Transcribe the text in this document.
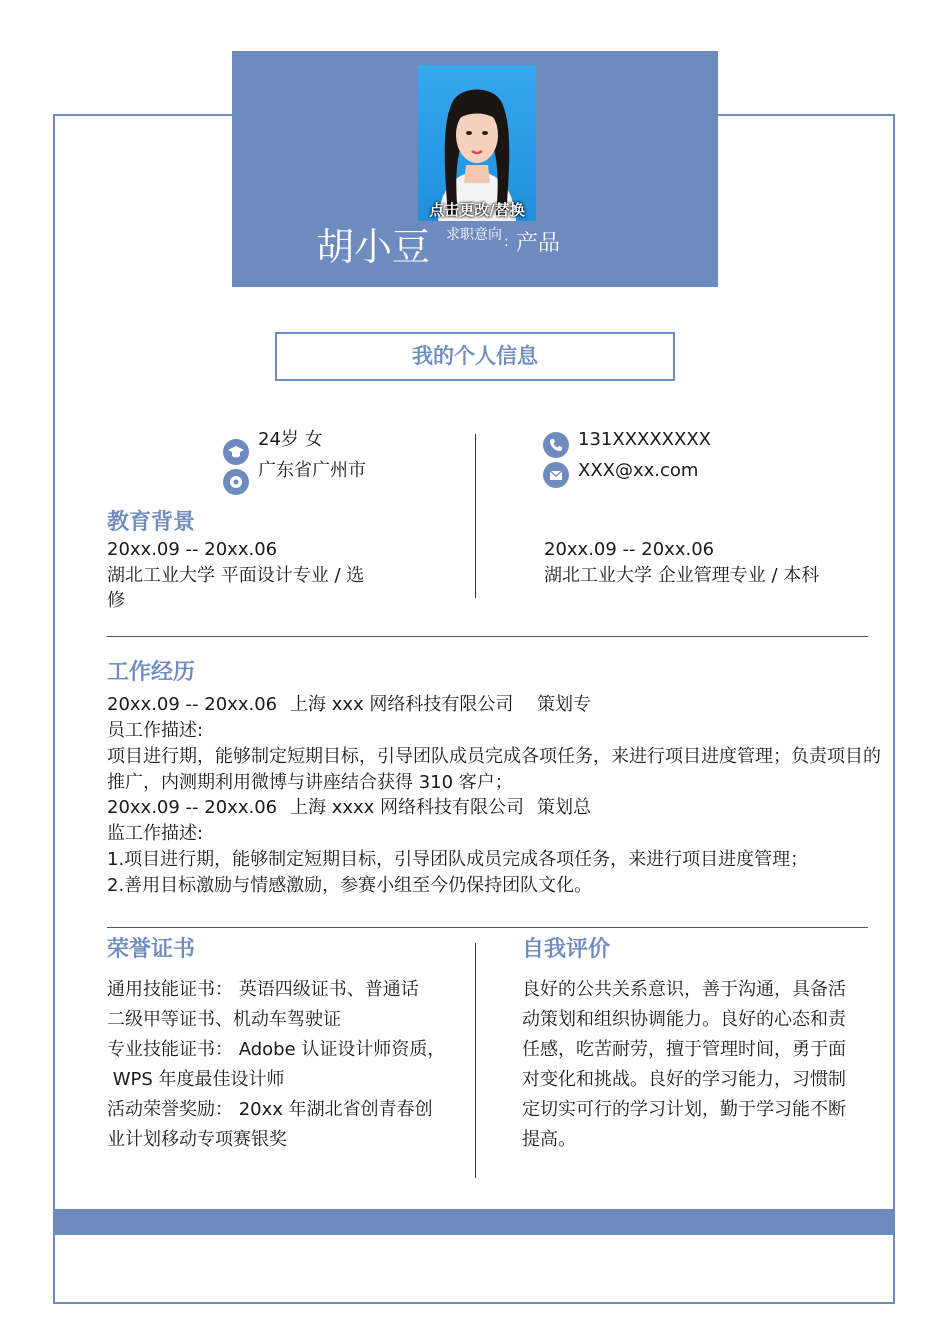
点击更改/替换
胡小豆 求职意向 : 产品
我的个人信息
24岁 女
广东省广州市
131XXXXXXXX
XXX@xx.com
教育背景
20xx.09 -- 20xx.06
湖北工业大学 平面设计专业 / 选
修
20xx.09 -- 20xx.06
湖北工业大学 企业管理专业 / 本科
工作经历
20xx.09 -- 20xx.06 上海 xxx 网络科技有限公司 策划专
员工作描述:
项目进行期，能够制定短期目标，引导团队成员完成各项任务，来进行项目进度管理；负责项目的
推广，内测期利用微博与讲座结合获得 310 客户；
20xx.09 -- 20xx.06 上海 xxxx 网络科技有限公司 策划总
监工作描述:
1.项目进行期，能够制定短期目标，引导团队成员完成各项任务，来进行项目进度管理；
2.善用目标激励与情感激励，参赛小组至今仍保持团队文化。
荣誉证书
通用技能证书： 英语四级证书、普通话
二级甲等证书、机动车驾驶证
专业技能证书： Adobe 认证设计师资质，
WPS 年度最佳设计师
活动荣誉奖励： 20xx 年湖北省创青春创
业计划移动专项赛银奖
自我评价
良好的公共关系意识，善于沟通，具备活
动策划和组织协调能力。良好的心态和责
任感，吃苦耐劳，擅于管理时间，勇于面
对变化和挑战。良好的学习能力，习惯制
定切实可行的学习计划，勤于学习能不断
提高。
